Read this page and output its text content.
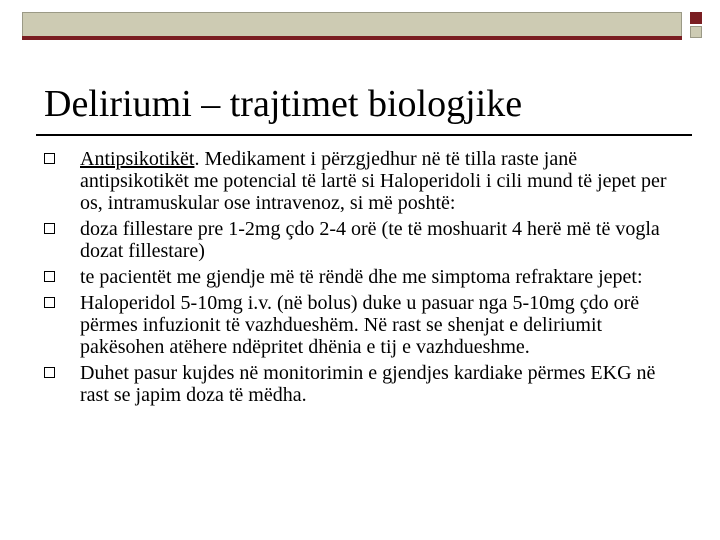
Deliriumi – trajtimet biologjike
Antipsikotikët. Medikament i përzgjedhur në të tilla raste janë antipsikotikët me potencial të lartë si Haloperidoli i cili mund të jepet per os, intramuskular ose intravenoz, si më poshtë:
doza fillestare pre 1-2mg çdo 2-4 orë (te të moshuarit 4 herë më të vogla dozat fillestare)
te pacientët me gjendje më të rëndë dhe me simptoma refraktare jepet:
Haloperidol 5-10mg i.v. (në bolus) duke u pasuar nga 5-10mg çdo orë përmes infuzionit të vazhdueshëm. Në rast se shenjat e deliriumit pakësohen atëhere ndëpritet dhënia e tij e vazhdueshme.
Duhet pasur kujdes në monitorimin e gjendjes kardiake përmes EKG në rast se japim doza të mëdha.
